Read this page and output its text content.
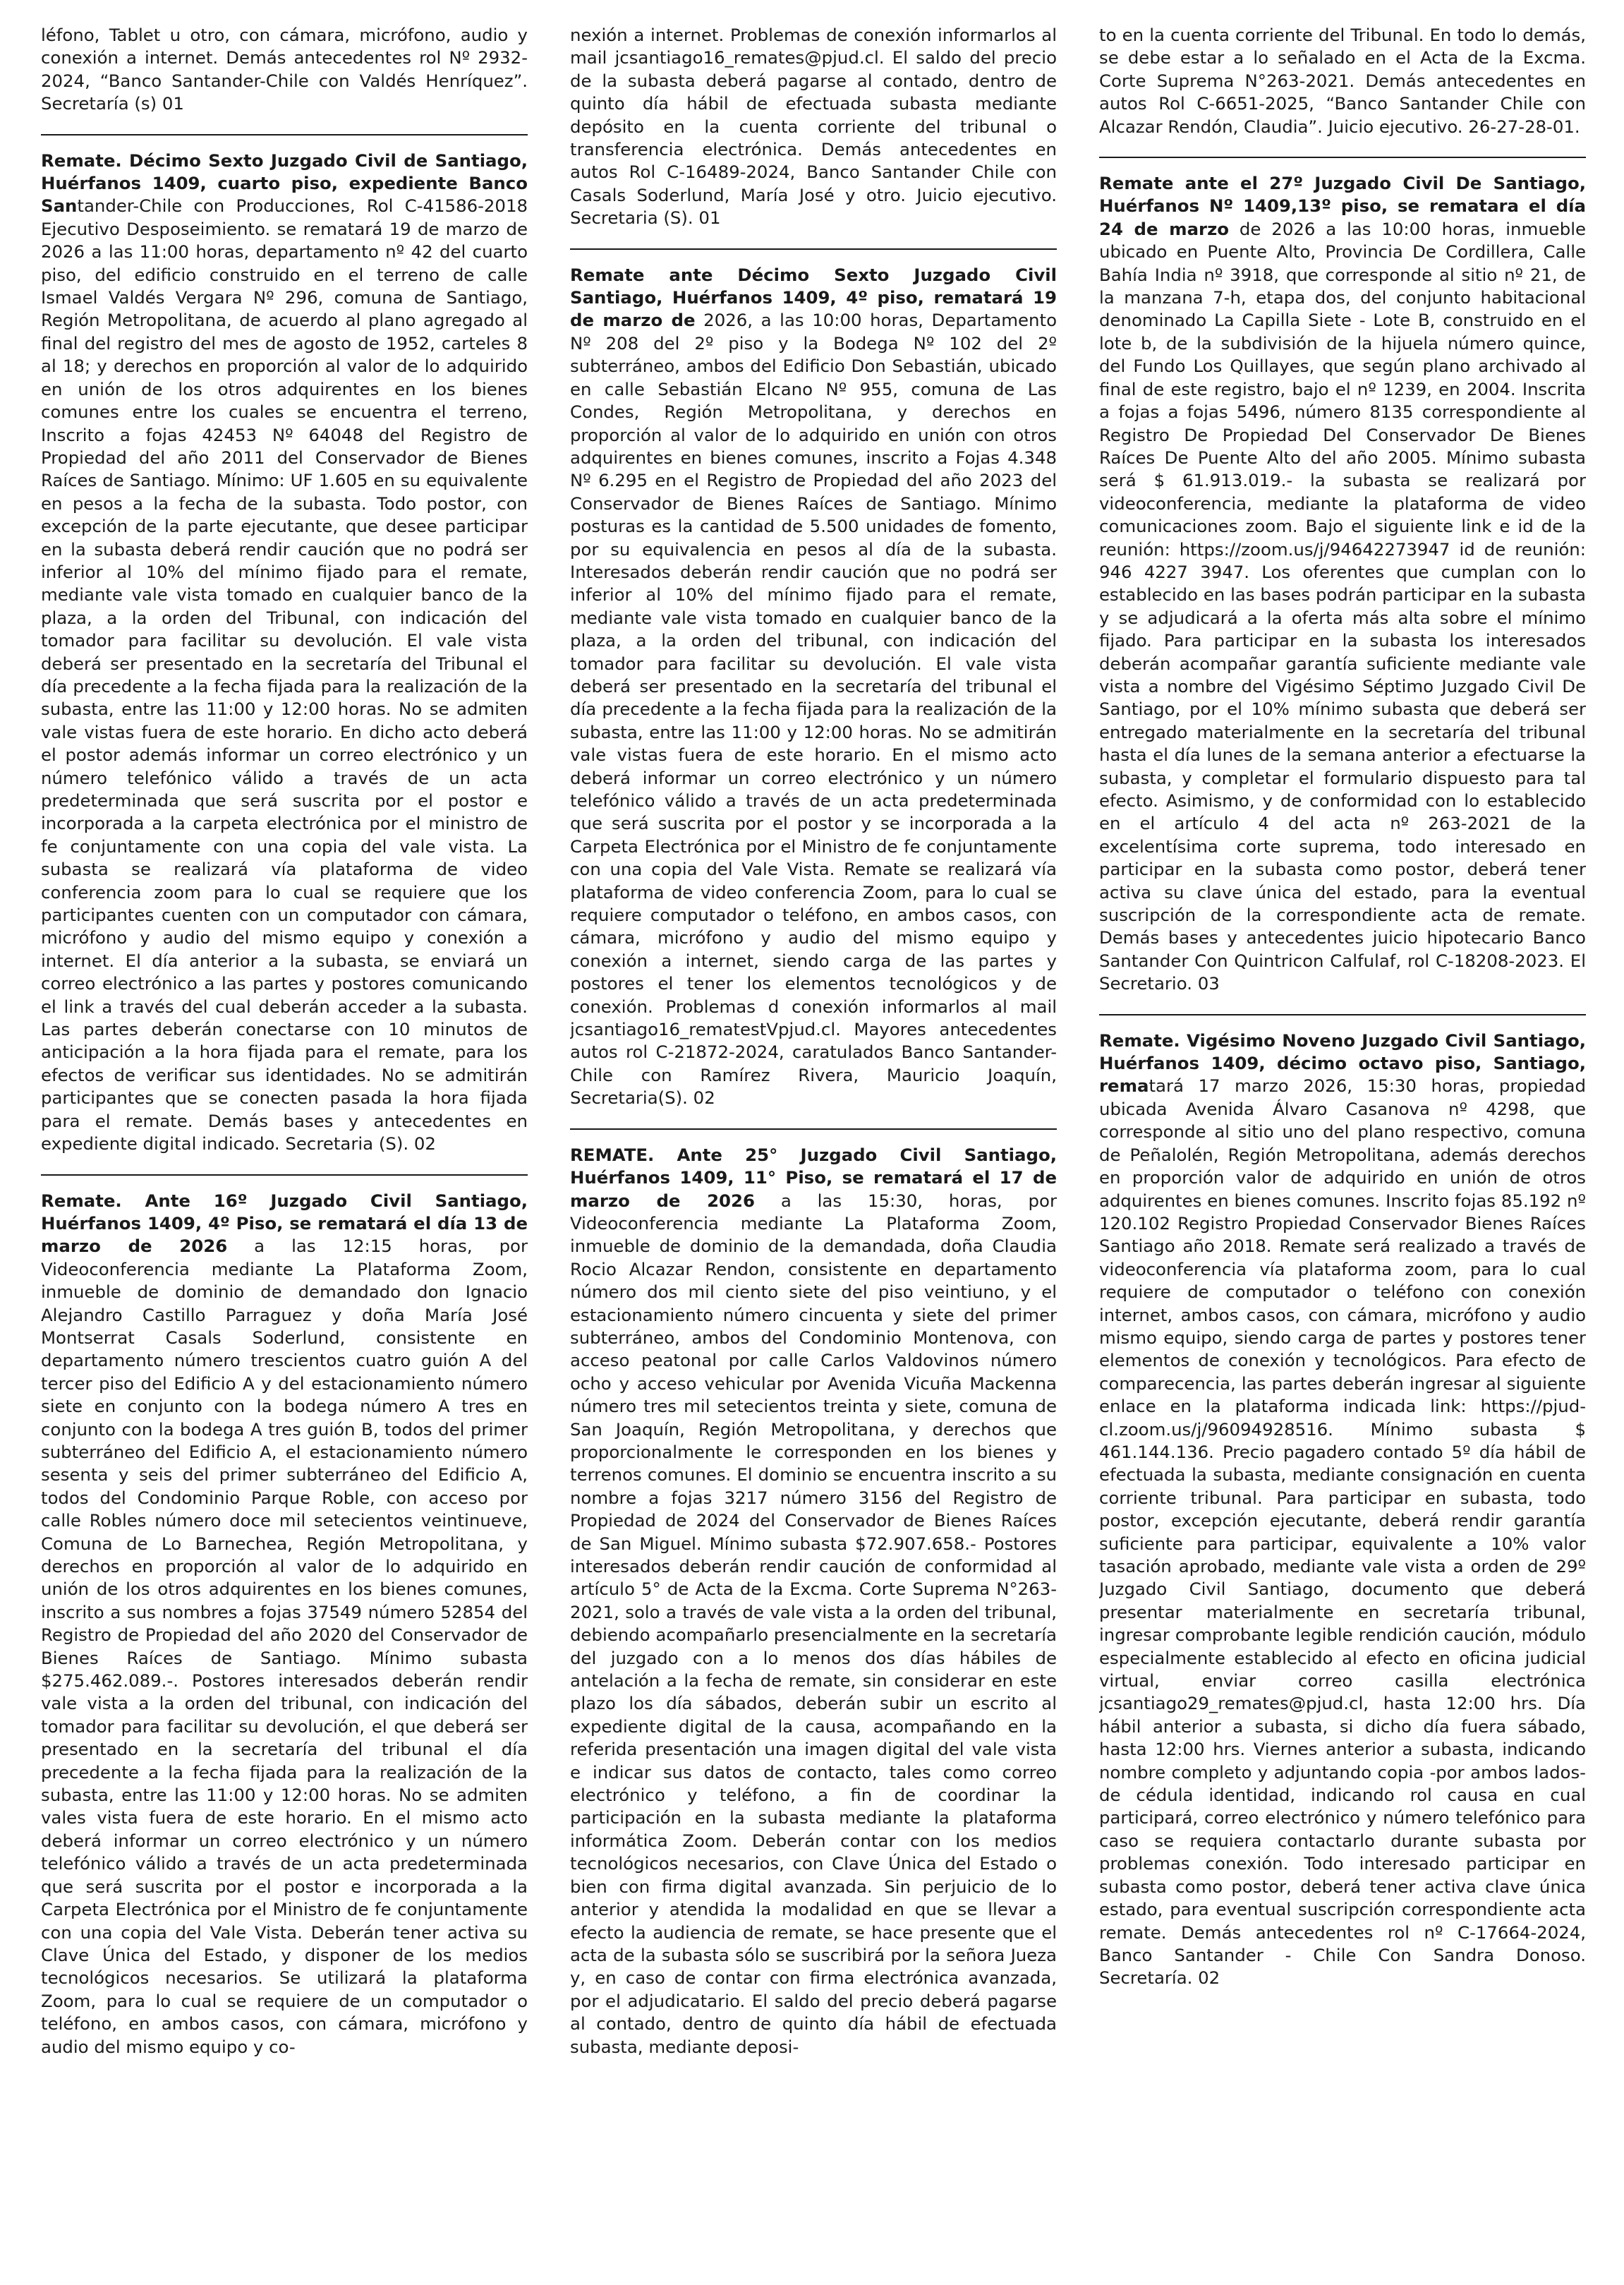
léfono, Tablet u otro, con cámara, micrófono, audio y conexión a internet. Demás antecedentes rol Nº 2932-2024, “Banco Santander-Chile con Valdés Henríquez”. Secretaría (s) 01

Remate. Décimo Sexto Juzgado Civil de Santiago, Huérfanos 1409, cuarto piso, expediente Banco Santander-Chile con Producciones, Rol C-41586-2018 Ejecutivo Desposeimiento. se rematará 19 de marzo de 2026 a las 11:00 horas, departamento nº 42 del cuarto piso, del edificio construido en el terreno de calle Ismael Valdés Vergara Nº 296, comuna de Santiago, Región Metropolitana, de acuerdo al plano agregado al final del registro del mes de agosto de 1952, carteles 8 al 18; y derechos en proporción al valor de lo adquirido en unión de los otros adquirentes en los bienes comunes entre los cuales se encuentra el terreno, Inscrito a fojas 42453 Nº 64048 del Registro de Propiedad del año 2011 del Conservador de Bienes Raíces de Santiago. Mínimo: UF 1.605 en su equivalente en pesos a la fecha de la subasta. Todo postor, con excepción de la parte ejecutante, que desee participar en la subasta deberá rendir caución que no podrá ser inferior al 10% del mínimo fijado para el remate, mediante vale vista tomado en cualquier banco de la plaza, a la orden del Tribunal, con indicación del tomador para facilitar su devolución. El vale vista deberá ser presentado en la secretaría del Tribunal el día precedente a la fecha fijada para la realización de la subasta, entre las 11:00 y 12:00 horas. No se admiten vale vistas fuera de este horario. En dicho acto deberá el postor además informar un correo electrónico y un número telefónico válido a través de un acta predeterminada que será suscrita por el postor e incorporada a la carpeta electrónica por el ministro de fe conjuntamente con una copia del vale vista. La subasta se realizará vía plataforma de video conferencia zoom para lo cual se requiere que los participantes cuenten con un computador con cámara, micrófono y audio del mismo equipo y conexión a internet. El día anterior a la subasta, se enviará un correo electrónico a las partes y postores comunicando el link a través del cual deberán acceder a la subasta. Las partes deberán conectarse con 10 minutos de anticipación a la hora fijada para el remate, para los efectos de verificar sus identidades. No se admitirán participantes que se conecten pasada la hora fijada para el remate. Demás bases y antecedentes en expediente digital indicado. Secretaria (S). 02

Remate. Ante 16º Juzgado Civil Santiago, Huérfanos 1409, 4º Piso, se rematará el día 13 de marzo de 2026 a las 12:15 horas, por Videoconferencia mediante La Plataforma Zoom, inmueble de dominio de demandado don Ignacio Alejandro Castillo Parraguez y doña María José Montserrat Casals Soderlund, consistente en departamento número trescientos cuatro guión A del tercer piso del Edificio A y del estacionamiento número siete en conjunto con la bodega número A tres en conjunto con la bodega A tres guión B, todos del primer subterráneo del Edificio A, el estacionamiento número sesenta y seis del primer subterráneo del Edificio A, todos del Condominio Parque Roble, con acceso por calle Robles número doce mil setecientos veintinueve, Comuna de Lo Barnechea, Región Metropolitana, y derechos en proporción al valor de lo adquirido en unión de los otros adquirentes en los bienes comunes, inscrito a sus nombres a fojas 37549 número 52854 del Registro de Propiedad del año 2020 del Conservador de Bienes Raíces de Santiago. Mínimo subasta $275.462.089.-. Postores interesados deberán rendir vale vista a la orden del tribunal, con indicación del tomador para facilitar su devolución, el que deberá ser presentado en la secretaría del tribunal el día precedente a la fecha fijada para la realización de la subasta, entre las 11:00 y 12:00 horas. No se admiten vales vista fuera de este horario. En el mismo acto deberá informar un correo electrónico y un número telefónico válido a través de un acta predeterminada que será suscrita por el postor e incorporada a la Carpeta Electrónica por el Ministro de fe conjuntamente con una copia del Vale Vista. Deberán tener activa su Clave Única del Estado, y disponer de los medios tecnológicos necesarios. Se utilizará la plataforma Zoom, para lo cual se requiere de un computador o teléfono, en ambos casos, con cámara, micrófono y audio del mismo equipo y co-

nexión a internet. Problemas de conexión informarlos al mail jcsantiago16_remates@pjud.cl. El saldo del precio de la subasta deberá pagarse al contado, dentro de quinto día hábil de efectuada subasta mediante depósito en la cuenta corriente del tribunal o transferencia electrónica. Demás antecedentes en autos Rol C-16489-2024, Banco Santander Chile con Casals Soderlund, María José y otro. Juicio ejecutivo. Secretaria (S). 01

Remate ante Décimo Sexto Juzgado Civil Santiago, Huérfanos 1409, 4º piso, rematará 19 de marzo de 2026, a las 10:00 horas, Departamento Nº 208 del 2º piso y la Bodega Nº 102 del 2º subterráneo, ambos del Edificio Don Sebastián, ubicado en calle Sebastián Elcano Nº 955, comuna de Las Condes, Región Metropolitana, y derechos en proporción al valor de lo adquirido en unión con otros adquirentes en bienes comunes, inscrito a Fojas 4.348 Nº 6.295 en el Registro de Propiedad del año 2023 del Conservador de Bienes Raíces de Santiago. Mínimo posturas es la cantidad de 5.500 unidades de fomento, por su equivalencia en pesos al día de la subasta. Interesados deberán rendir caución que no podrá ser inferior al 10% del mínimo fijado para el remate, mediante vale vista tomado en cualquier banco de la plaza, a la orden del tribunal, con indicación del tomador para facilitar su devolución. El vale vista deberá ser presentado en la secretaría del tribunal el día precedente a la fecha fijada para la realización de la subasta, entre las 11:00 y 12:00 horas. No se admitirán vale vistas fuera de este horario. En el mismo acto deberá informar un correo electrónico y un número telefónico válido a través de un acta predeterminada que será suscrita por el postor y se incorporada a la Carpeta Electrónica por el Ministro de fe conjuntamente con una copia del Vale Vista. Remate se realizará vía plataforma de video conferencia Zoom, para lo cual se requiere computador o teléfono, en ambos casos, con cámara, micrófono y audio del mismo equipo y conexión a internet, siendo carga de las partes y postores el tener los elementos tecnológicos y de conexión. Problemas d conexión informarlos al mail jcsantiago16_rematestVpjud.cl. Mayores antecedentes autos rol C-21872-2024, caratulados Banco Santander-Chile con Ramírez Rivera, Mauricio Joaquín, Secretaria(S). 02

REMATE. Ante 25° Juzgado Civil Santiago, Huérfanos 1409, 11° Piso, se rematará el 17 de marzo de 2026 a las 15:30, horas, por Videoconferencia mediante La Plataforma Zoom, inmueble de dominio de la demandada, doña Claudia Rocio Alcazar Rendon, consistente en departamento número dos mil ciento siete del piso veintiuno, y el estacionamiento número cincuenta y siete del primer subterráneo, ambos del Condominio Montenova, con acceso peatonal por calle Carlos Valdovinos número ocho y acceso vehicular por Avenida Vicuña Mackenna número tres mil setecientos treinta y siete, comuna de San Joaquín, Región Metropolitana, y derechos que proporcionalmente le corresponden en los bienes y terrenos comunes. El dominio se encuentra inscrito a su nombre a fojas 3217 número 3156 del Registro de Propiedad de 2024 del Conservador de Bienes Raíces de San Miguel. Mínimo subasta $72.907.658.- Postores interesados deberán rendir caución de conformidad al artículo 5° de Acta de la Excma. Corte Suprema N°263-2021, solo a través de vale vista a la orden del tribunal, debiendo acompañarlo presencialmente en la secretaría del juzgado con a lo menos dos días hábiles de antelación a la fecha de remate, sin considerar en este plazo los día sábados, deberán subir un escrito al expediente digital de la causa, acompañando en la referida presentación una imagen digital del vale vista e indicar sus datos de contacto, tales como correo electrónico y teléfono, a fin de coordinar la participación en la subasta mediante la plataforma informática Zoom. Deberán contar con los medios tecnológicos necesarios, con Clave Única del Estado o bien con firma digital avanzada. Sin perjuicio de lo anterior y atendida la modalidad en que se llevar a efecto la audiencia de remate, se hace presente que el acta de la subasta sólo se suscribirá por la señora Jueza y, en caso de contar con firma electrónica avanzada, por el adjudicatario. El saldo del precio deberá pagarse al contado, dentro de quinto día hábil de efectuada subasta, mediante deposi-

to en la cuenta corriente del Tribunal. En todo lo demás, se debe estar a lo señalado en el Acta de la Excma. Corte Suprema N°263-2021. Demás antecedentes en autos Rol C-6651-2025, “Banco Santander Chile con Alcazar Rendón, Claudia”. Juicio ejecutivo. 26-27-28-01.

Remate ante el 27º Juzgado Civil De Santiago, Huérfanos Nº 1409,13º piso, se rematara el día 24 de marzo de 2026 a las 10:00 horas, inmueble ubicado en Puente Alto, Provincia De Cordillera, Calle Bahía India nº 3918, que corresponde al sitio nº 21, de la manzana 7-h, etapa dos, del conjunto habitacional denominado La Capilla Siete - Lote B, construido en el lote b, de la subdivisión de la hijuela número quince, del Fundo Los Quillayes, que según plano archivado al final de este registro, bajo el nº 1239, en 2004. Inscrita a fojas a fojas 5496, número 8135 correspondiente al Registro De Propiedad Del Conservador De Bienes Raíces De Puente Alto del año 2005. Mínimo subasta será $ 61.913.019.- la subasta se realizará por videoconferencia, mediante la plataforma de video comunicaciones zoom. Bajo el siguiente link e id de la reunión: https://zoom.us/j/94642273947 id de reunión: 946 4227 3947. Los oferentes que cumplan con lo establecido en las bases podrán participar en la subasta y se adjudicará a la oferta más alta sobre el mínimo fijado. Para participar en la subasta los interesados deberán acompañar garantía suficiente mediante vale vista a nombre del Vigésimo Séptimo Juzgado Civil De Santiago, por el 10% mínimo subasta que deberá ser entregado materialmente en la secretaría del tribunal hasta el día lunes de la semana anterior a efectuarse la subasta, y completar el formulario dispuesto para tal efecto. Asimismo, y de conformidad con lo establecido en el artículo 4 del acta nº 263-2021 de la excelentísima corte suprema, todo interesado en participar en la subasta como postor, deberá tener activa su clave única del estado, para la eventual suscripción de la correspondiente acta de remate. Demás bases y antecedentes juicio hipotecario Banco Santander Con Quintricon Calfulaf, rol C-18208-2023. El Secretario. 03

Remate. Vigésimo Noveno Juzgado Civil Santiago, Huérfanos 1409, décimo octavo piso, Santiago, rematará 17 marzo 2026, 15:30 horas, propiedad ubicada Avenida Álvaro Casanova nº 4298, que corresponde al sitio uno del plano respectivo, comuna de Peñalolén, Región Metropolitana, además derechos en proporción valor de adquirido en unión de otros adquirentes en bienes comunes. Inscrito fojas 85.192 nº 120.102 Registro Propiedad Conservador Bienes Raíces Santiago año 2018. Remate será realizado a través de videoconferencia vía plataforma zoom, para lo cual requiere de computador o teléfono con conexión internet, ambos casos, con cámara, micrófono y audio mismo equipo, siendo carga de partes y postores tener elementos de conexión y tecnológicos. Para efecto de comparecencia, las partes deberán ingresar al siguiente enlace en la plataforma indicada link: https://pjud-cl.zoom.us/j/96094928516. Mínimo subasta $ 461.144.136. Precio pagadero contado 5º día hábil de efectuada la subasta, mediante consignación en cuenta corriente tribunal. Para participar en subasta, todo postor, excepción ejecutante, deberá rendir garantía suficiente para participar, equivalente a 10% valor tasación aprobado, mediante vale vista a orden de 29º Juzgado Civil Santiago, documento que deberá presentar materialmente en secretaría tribunal, ingresar comprobante legible rendición caución, módulo especialmente establecido al efecto en oficina judicial virtual, enviar correo casilla electrónica jcsantiago29_remates@pjud.cl, hasta 12:00 hrs. Día hábil anterior a subasta, si dicho día fuera sábado, hasta 12:00 hrs. Viernes anterior a subasta, indicando nombre completo y adjuntando copia -por ambos lados- de cédula identidad, indicando rol causa en cual participará, correo electrónico y número telefónico para caso se requiera contactarlo durante subasta por problemas conexión. Todo interesado participar en subasta como postor, deberá tener activa clave única estado, para eventual suscripción correspondiente acta remate. Demás antecedentes rol nº C-17664-2024, Banco Santander - Chile Con Sandra Donoso. Secretaría. 02
